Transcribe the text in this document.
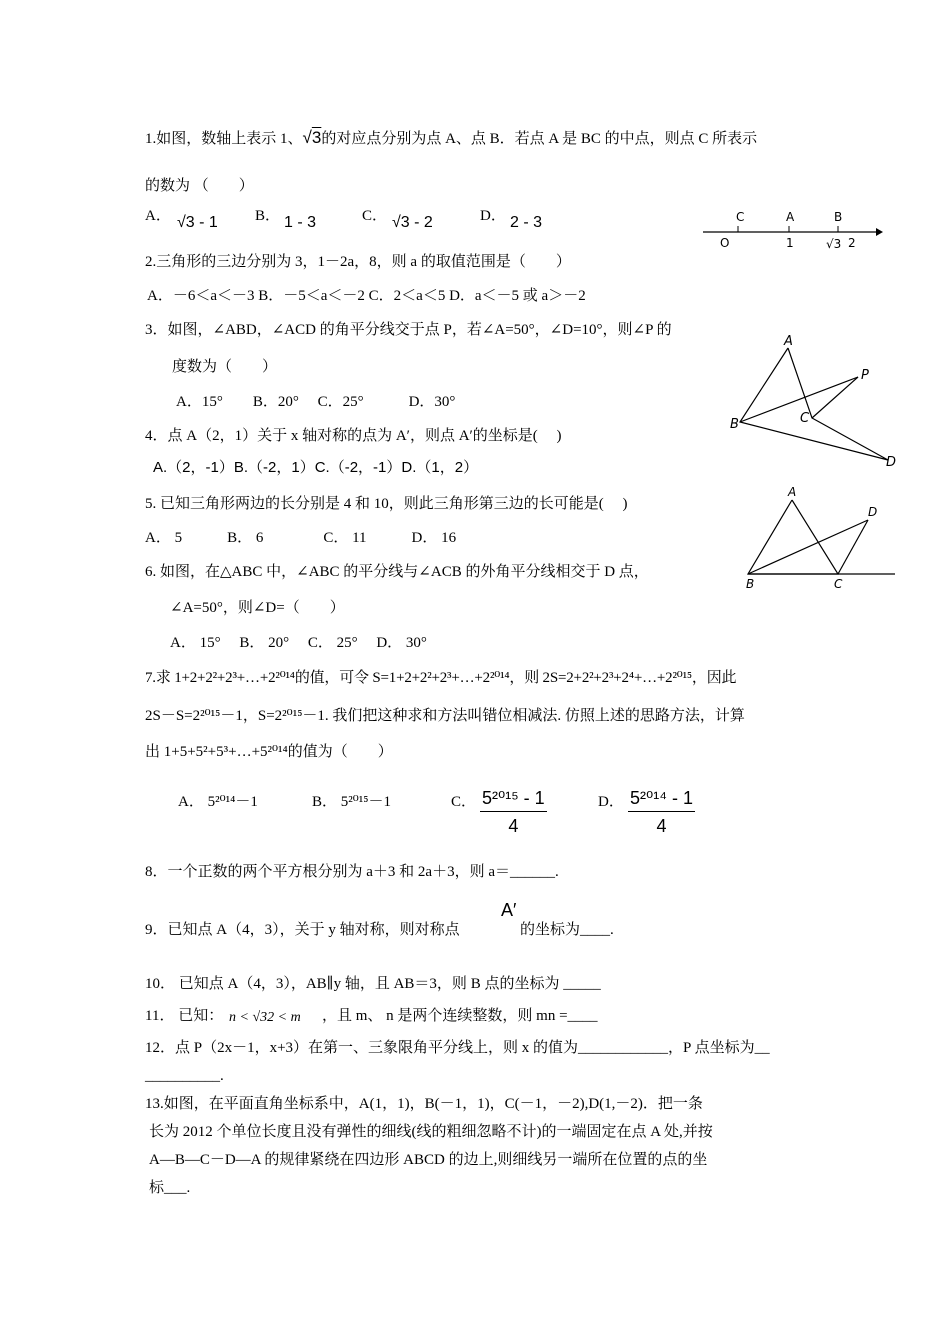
1.如图，数轴上表示 1、√3的对应点分别为点 A、点 B．若点 A 是 BC 的中点，则点 C 所表示
的数为 （　　）
A． √3 - 1 B． 1 - 3	C． √3 - 2	D． 2 - 3	C	A	B
O	1	√3 2
2.三角形的三边分别为 3，1－2a，8，则 a 的取值范围是（　　）
A．－6＜a＜－3 B．－5＜a＜－2 C．2＜a＜5 D．a＜－5 或 a＞－2
3．如图，∠ABD，∠ACD 的角平分线交于点 P，若∠A=50°，∠D=10°，则∠P 的
度数为（　　）
A．15°　　B．20°　 C．25°　　　D．30°
A
B	C
P
D
4．点 A（2，1）关于 x 轴对称的点为 A′，则点 A′的坐标是(　 )
A.（2，-1）B.（-2，1）C.（-2，-1）D.（1，2）
5. 已知三角形两边的长分别是 4 和 10，则此三角形第三边的长可能是(　 )
A． 5　　　B． 6　　　　C． 11　　　D． 16
A
B	C
D
6. 如图，在△ABC 中，∠ABC 的平分线与∠ACB 的外角平分线相交于 D 点，
∠A=50°，则∠D=（　　）
A． 15°　 B． 20°　 C． 25°　 D． 30°
7.求 1+2+2²+2³+…+2²⁰¹⁴的值，可令 S=1+2+2²+2³+…+2²⁰¹⁴，则 2S=2+2²+2³+2⁴+…+2²⁰¹⁵，因此
2S－S=2²⁰¹⁵－1，S=2²⁰¹⁵－1. 我们把这种求和方法叫错位相减法. 仿照上述的思路方法，计算
出 1+5+5²+5³+…+5²⁰¹⁴的值为（　　）
A． 5²⁰¹⁴－1	B． 5²⁰¹⁵－1	C． $\frac{\text{5²⁰¹⁵ - 1}}{4}$	D． $\frac{\text{5²⁰¹⁴ - 1}}{4}$
8．一个正数的两个平方根分别为 a＋3 和 2a＋3，则 a＝______.
9．已知点 A（4，3），关于 y 轴对称，则对称点
A′
的坐标为____.
10． 已知点 A（4，3），AB∥y 轴，且 AB＝3，则 B 点的坐标为 _____
11． 已知： n < √32 < m ，且 m、 n 是两个连续整数，则 mn =____
12．点 P（2x－1，x+3）在第一、三象限角平分线上，则 x 的值为____________，P 点坐标为__
__________.
13.如图，在平面直角坐标系中，A(1，1)，B(－1，1)，C(－1，－2),D(1,－2)．把一条
长为 2012 个单位长度且没有弹性的细线(线的粗细忽略不计)的一端固定在点 A 处,并按
A—B—C－D—A 的规律紧绕在四边形 ABCD 的边上,则细线另一端所在位置的点的坐
标___.
